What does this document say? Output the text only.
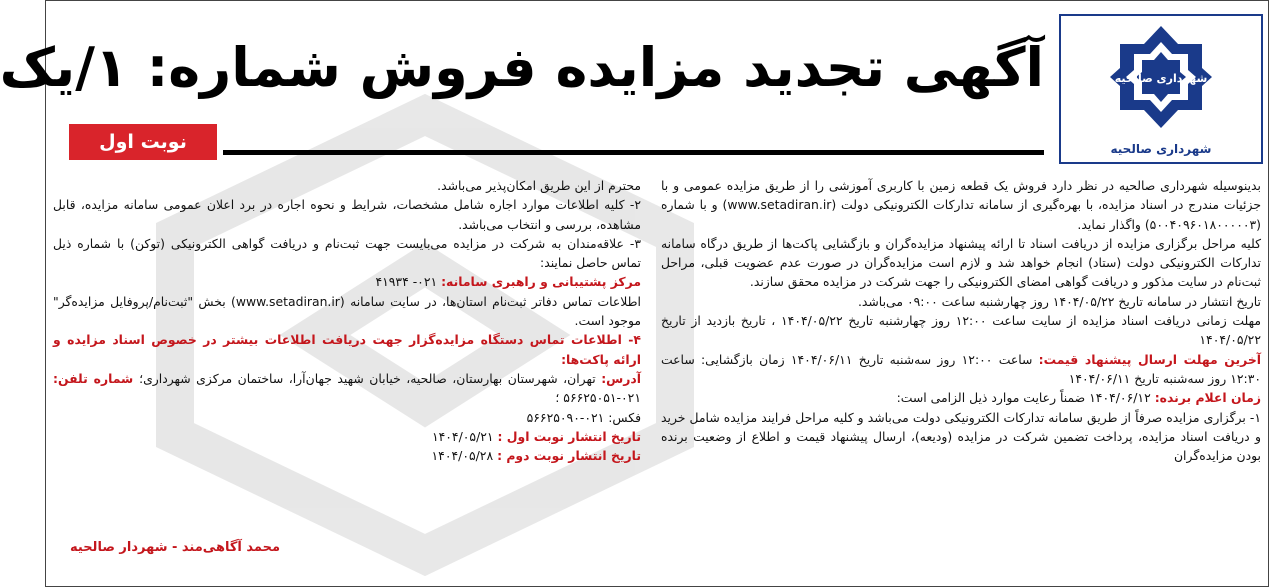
شهرداری صالحیه
شهرداری صالحیه
آگهی تجدید مزایده فروش شماره: ۱/یک
نوبت اول

بدینوسیله شهرداری صالحیه در نظر دارد فروش یک قطعه زمین با کاربری آموزشی را از طریق مزایده عمومی و با جزئیات مندرج در اسناد مزایده، با بهره‌گیری از سامانه تدارکات الکترونیکی دولت (www.setadiran.ir) و با شماره (۵۰۰۴۰۹۶۰۱۸۰۰۰۰۰۳) واگذار نماید.

کلیه مراحل برگزاری مزایده از دریافت اسناد تا ارائه پیشنهاد مزایده‌گران و بازگشایی پاکت‌ها از طریق درگاه سامانه تدارکات الکترونیکی دولت (ستاد) انجام خواهد شد و لازم است مزایده‌گران در صورت عدم عضویت قبلی، مراحل ثبت‌نام در سایت مذکور و دریافت گواهی امضای الکترونیکی را جهت شرکت در مزایده محقق سازند.

تاریخ انتشار در سامانه تاریخ ۱۴۰۴/۰۵/۲۲ روز چهارشنبه ساعت ۰۹:۰۰ می‌باشد.

مهلت زمانی دریافت اسناد مزایده از سایت ساعت ۱۲:۰۰ روز چهارشنبه تاریخ ۱۴۰۴/۰۵/۲۲ ، تاریخ بازدید از تاریخ ۱۴۰۴/۰۵/۲۲

آخرین مهلت ارسال پیشنهاد قیمت: ساعت ۱۲:۰۰ روز سه‌شنبه تاریخ ۱۴۰۴/۰۶/۱۱ زمان بازگشایی: ساعت ۱۲:۳۰ روز سه‌شنبه تاریخ ۱۴۰۴/۰۶/۱۱

زمان اعلام برنده: ۱۴۰۴/۰۶/۱۲ ضمناً رعایت موارد ذیل الزامی است:

۱- برگزاری مزایده صرفاً از طریق سامانه تدارکات الکترونیکی دولت می‌باشد و کلیه مراحل فرایند مزایده شامل خرید و دریافت اسناد مزایده، پرداخت تضمین شرکت در مزایده (ودیعه)، ارسال پیشنهاد قیمت و اطلاع از وضعیت برنده بودن مزایده‌گران

محترم از این طریق امکان‌پذیر می‌باشد.

۲- کلیه اطلاعات موارد اجاره شامل مشخصات، شرایط و نحوه اجاره در برد اعلان عمومی سامانه مزایده، قابل مشاهده، بررسی و انتخاب می‌باشد.

۳- علاقه‌مندان به شرکت در مزایده می‌بایست جهت ثبت‌نام و دریافت گواهی الکترونیکی (توکن) با شماره ذیل تماس حاصل نمایند:

مرکز پشتیبانی و راهبری سامانه: ۰۲۱- ۴۱۹۳۴

اطلاعات تماس دفاتر ثبت‌نام استان‌ها، در سایت سامانه (www.setadiran.ir) بخش "ثبت‌نام/پروفایل مزایده‌گر" موجود است.

۴- اطلاعات تماس دستگاه مزایده‌گزار جهت دریافت اطلاعات بیشتر در خصوص اسناد مزایده و ارائه پاکت‌ها:

آدرس: تهران، شهرستان بهارستان، صالحیه، خیابان شهید جهان‌آرا، ساختمان مرکزی شهرداری؛ شماره تلفن: ۰۲۱-۵۶۶۲۵۰۵۱ ؛

فکس: ۰۲۱-۵۶۶۲۵۰۹۰

تاریخ انتشار نوبت اول : ۱۴۰۴/۰۵/۲۱

تاریخ انتشار نوبت دوم : ۱۴۰۴/۰۵/۲۸

محمد آگاهی‌مند - شهردار صالحیه
